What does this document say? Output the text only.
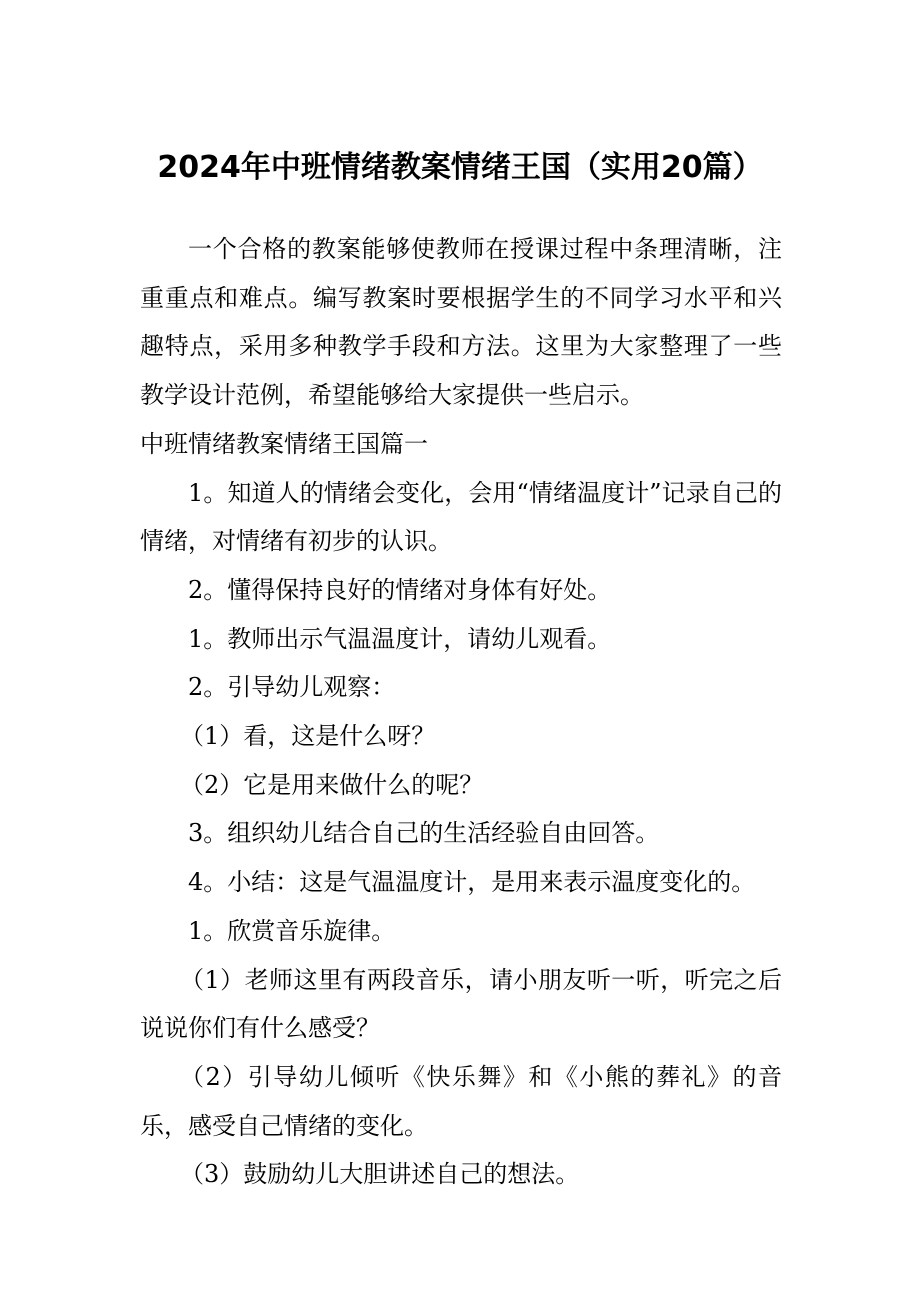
2024年中班情绪教案情绪王国（实用20篇）

一个合格的教案能够使教师在授课过程中条理清晰，注重重点和难点。编写教案时要根据学生的不同学习水平和兴趣特点，采用多种教学手段和方法。这里为大家整理了一些教学设计范例，希望能够给大家提供一些启示。

中班情绪教案情绪王国篇一

1。知道人的情绪会变化，会用“情绪温度计”记录自己的情绪，对情绪有初步的认识。

2。懂得保持良好的情绪对身体有好处。

1。教师出示气温温度计，请幼儿观看。

2。引导幼儿观察：

（1）看，这是什么呀？

（2）它是用来做什么的呢？

3。组织幼儿结合自己的生活经验自由回答。

4。小结：这是气温温度计，是用来表示温度变化的。

1。欣赏音乐旋律。

（1）老师这里有两段音乐，请小朋友听一听，听完之后说说你们有什么感受？

（2）引导幼儿倾听《快乐舞》和《小熊的葬礼》的音乐，感受自己情绪的变化。

（3）鼓励幼儿大胆讲述自己的想法。
